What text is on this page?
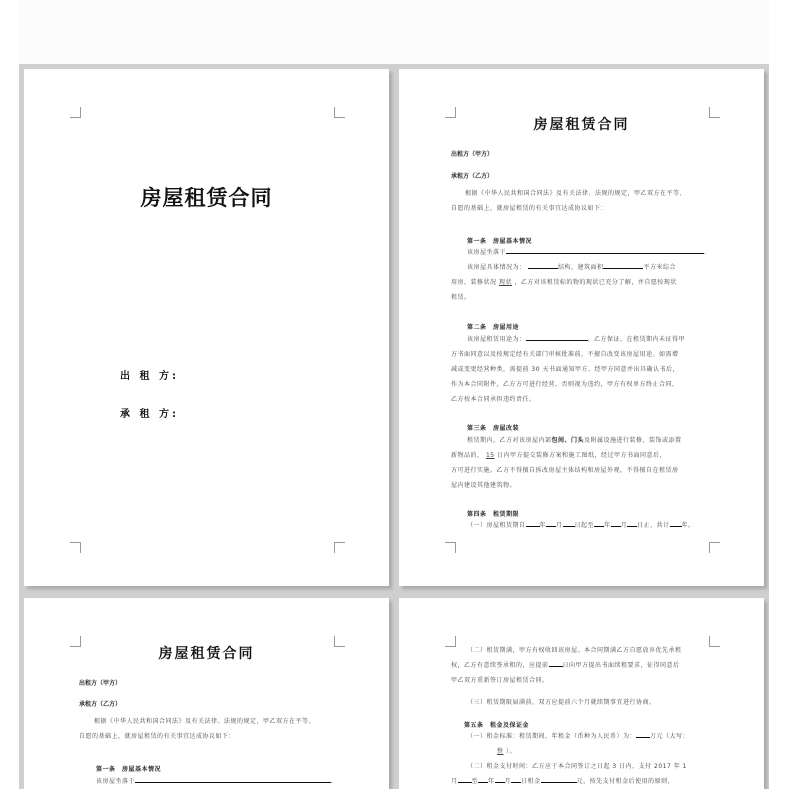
房屋租赁合同
出 租 方:
承 租 方:
房屋租赁合同
出租方（甲方）
承租方（乙方）
根据《中华人民共和国合同法》及有关法律、法规的规定，甲乙双方在平等、
自愿的基础上，就房屋租赁的有关事宜达成协议如下：
第一条　房屋基本情况
该房屋坐落于	.
该房屋具体情况为：	结构，建筑面积	平方米综合
用房，装修状况 现状 ，乙方对该租赁标的物的现状已充分了解，并自愿按现状
租赁。
第二条　房屋用途
该房屋租赁用途为：	。乙方保证，在租赁期内未征得甲
方书面同意以及按规定经有关部门审核批准前，不擅自改变该房屋用途。如需增
减或变更经营种类，需提前 30 天书面通知甲方，经甲方同意并出具确认书后，
作为本合同附件，乙方方可进行经营，否则视为违约，甲方有权单方终止合同，
乙方按本合同承担违约责任。
第三条　房屋改装
租赁期内，乙方对该房屋内部包间、门头及附属设施进行装修、装饰或添置
新物品的， 15 日内甲方提交装修方案和施工图纸，经过甲方书面同意后，
方可进行实施。乙方不得擅自拆改房屋主体结构和房屋外观，不得擅自在租赁房
屋内建设其他建筑物。
第四条　租赁期限
（一）房屋租赁期自 年 月 日起至 年 月 日止，共计 年。
房屋租赁合同
出租方（甲方）
承租方（乙方）
根据《中华人民共和国合同法》及有关法律、法规的规定，甲乙双方在平等、
自愿的基础上，就房屋租赁的有关事宜达成协议如下：
第一条　房屋基本情况
该房屋坐落于	.
（二）租赁期满，甲方有权收回该房屋。本合同期满乙方自愿放弃优先承租
权，乙方有意续签承租的，应提前 日向甲方提出书面续租要求，征得同意后
甲乙双方重新签订房屋租赁合同。
（三）租赁期限届满前，双方应提前六个月就续期事宜进行协商。
第五条　租金及保证金
（一）租金标准：租赁期间，年租金（币种为人民币）为： 万元（大写：
整 ）。
（二）租金支付时间：乙方应于本合同签订之日起 3 日内，支付 2017 年 1
月 至 年 月 日租金	元，按先支付租金后使用的原则，
